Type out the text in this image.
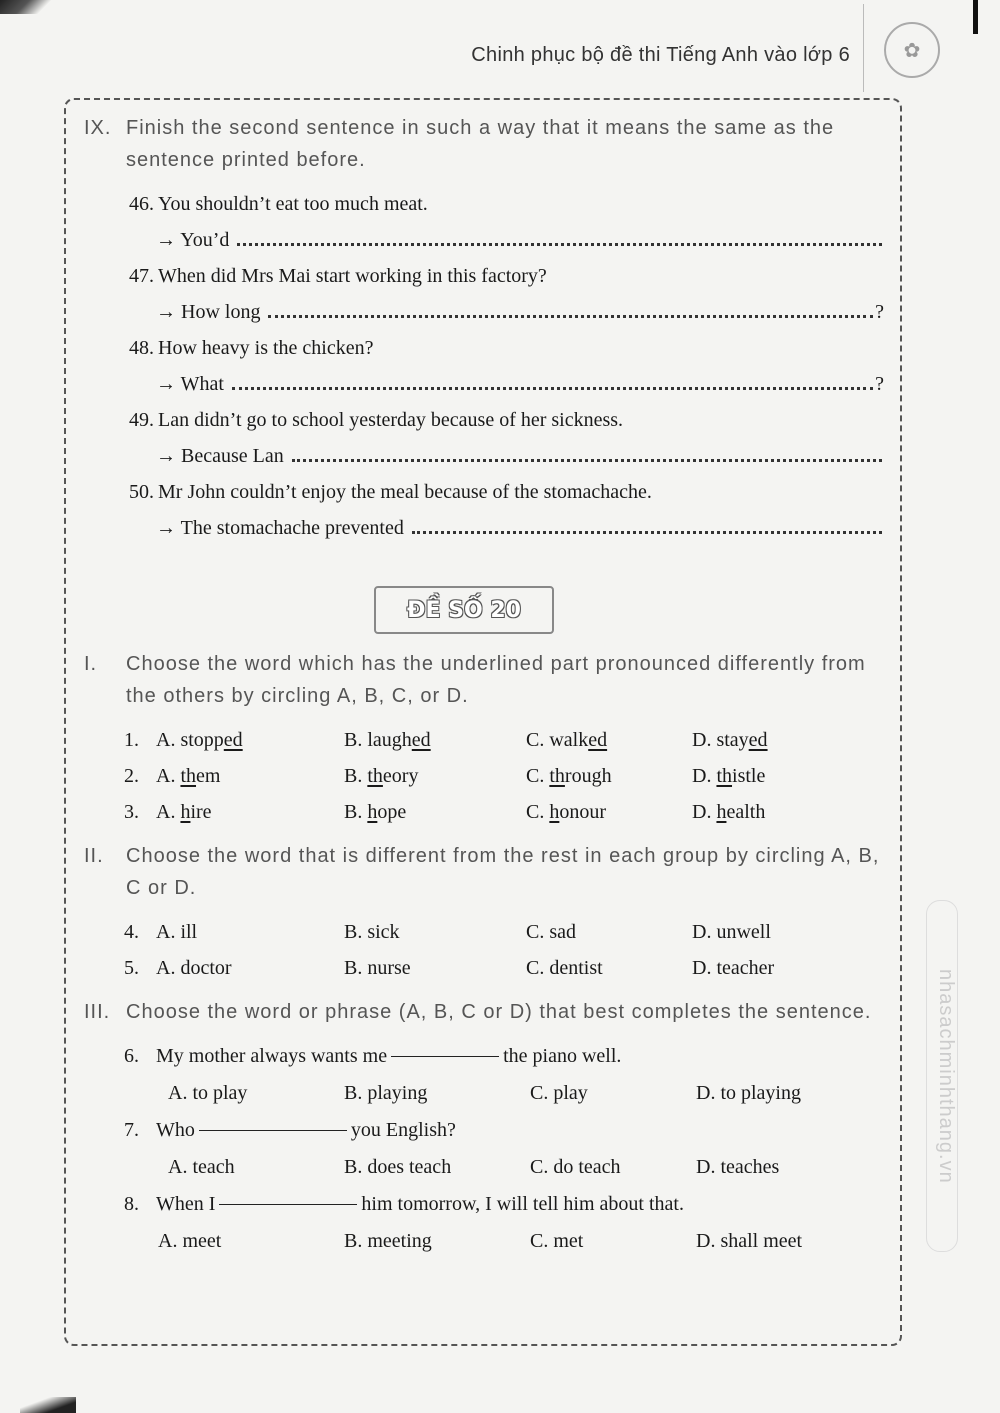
Chinh phục bộ đề thi Tiếng Anh vào lớp 6	✿
IX. Finish the second sentence in such a way that it means the same as the sentence printed before.
46. You shouldn’t eat too much meat.
→ You’d
47. When did Mrs Mai start working in this factory?
→ How long	?
48. How heavy is the chicken?
→ What	?
49. Lan didn’t go to school yesterday because of her sickness.
→ Because Lan
50. Mr John couldn’t enjoy the meal because of the stomachache.
→ The stomachache prevented
ĐỀ SỐ 20
I.	Choose the word which has the underlined part pronounced differently from the others by circling A, B, C, or D.
1. A. stopped	B. laughed	C. walked	D. stayed
2. A. them	B. theory	C. through	D. thistle
3. A. hire	B. hope	C. honour	D. health
II.	Choose the word that is different from the rest in each group by circling A, B, C or D.
4. A. ill	B. sick	C. sad	D. unwell
5. A. doctor	B. nurse	C. dentist	D. teacher
III. Choose the word or phrase (A, B, C or D) that best completes the sentence.
6. My mother always wants me	the piano well.
A. to play	B. playing	C. play	D. to playing
7. Who	you English?
A. teach	B. does teach	C. do teach	D. teaches
8. When I	him tomorrow, I will tell him about that.
A. meet	B. meeting	C. met	D. shall meet
nhasachminhthang.vn
